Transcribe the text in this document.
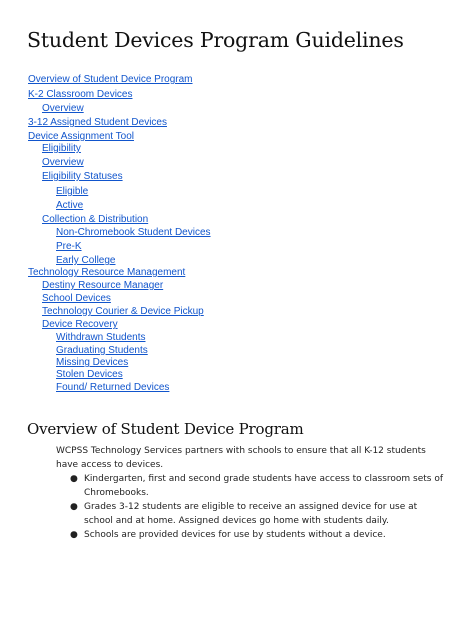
Student Devices Program Guidelines
Overview of Student Device Program
K-2 Classroom Devices
Overview
3-12 Assigned Student Devices
Device Assignment Tool
Eligibility
Overview
Eligibility Statuses
Eligible
Active
Collection & Distribution
Non-Chromebook Student Devices
Pre-K
Early College
Technology Resource Management
Destiny Resource Manager
School Devices
Technology Courier & Device Pickup
Device Recovery
Withdrawn Students
Graduating Students
Missing Devices
Stolen Devices
Found/ Returned Devices
Overview of Student Device Program
WCPSS Technology Services partners with schools to ensure that all K-12 students have access to devices.
● Kindergarten, first and second grade students have access to classroom sets of Chromebooks.
● Grades 3-12 students are eligible to receive an assigned device for use at school and at home. Assigned devices go home with students daily.
● Schools are provided devices for use by students without a device.
